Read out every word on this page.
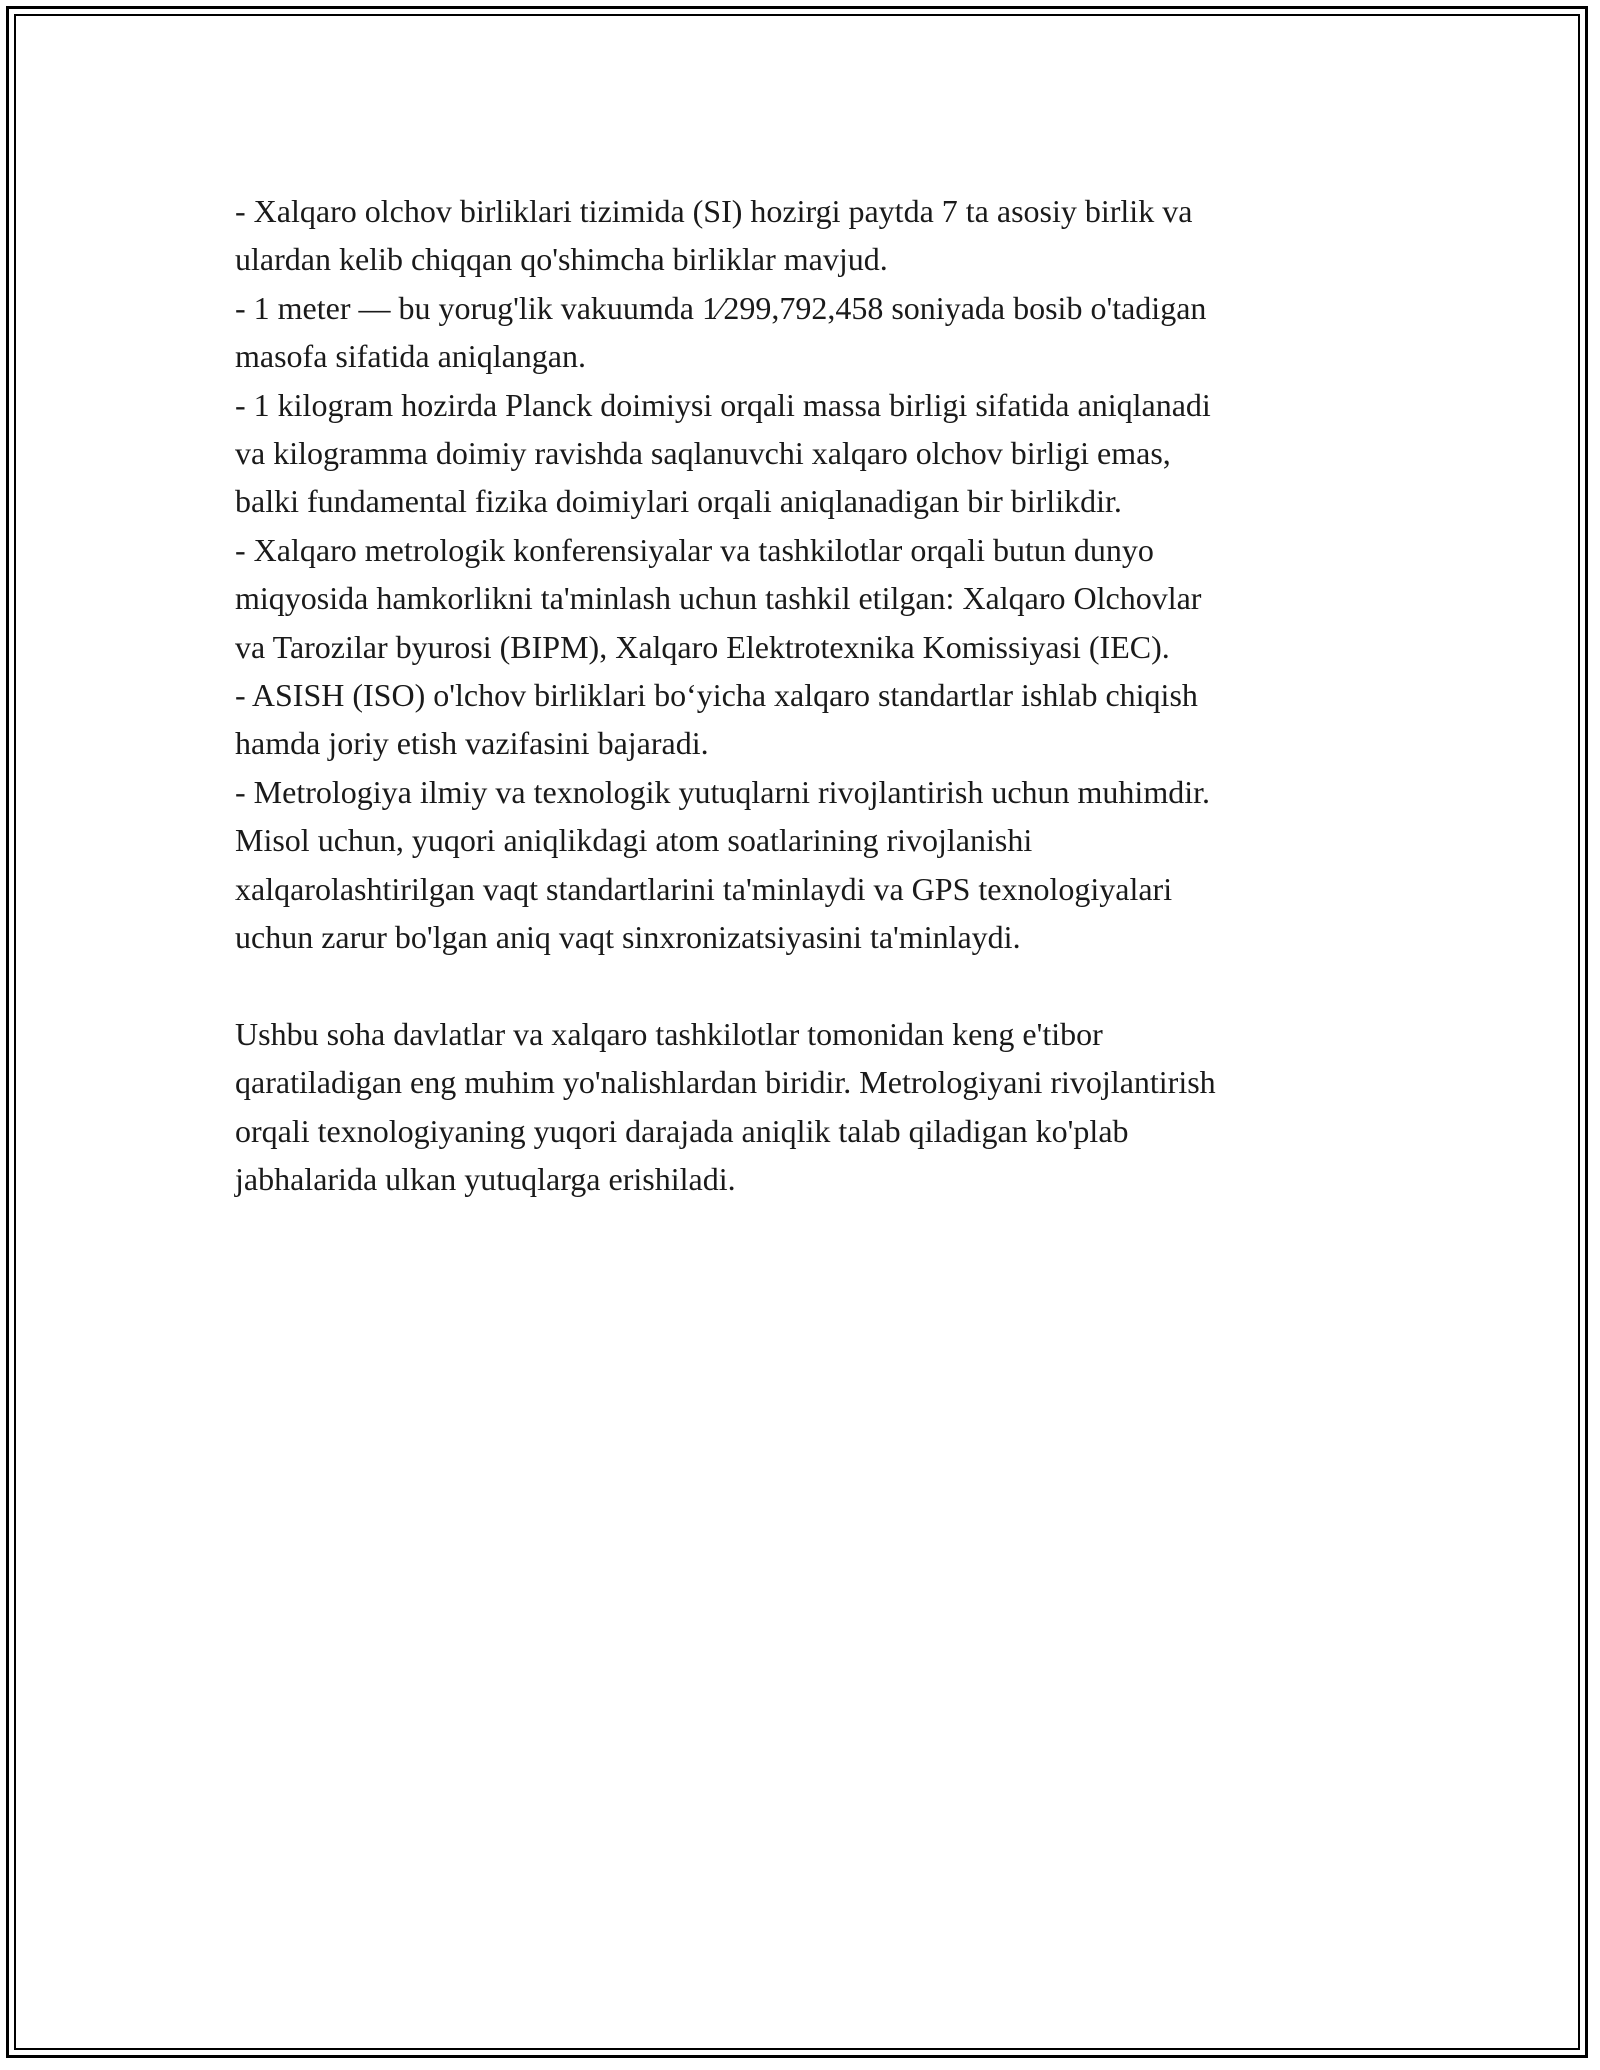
- Xalqaro olchov birliklari tizimida (SI) hozirgi paytda 7 ta asosiy birlik va
ulardan kelib chiqqan qo'shimcha birliklar mavjud.
- 1 meter — bu yorug'lik vakuumda 1⁄299,792,458 soniyada bosib o'tadigan
masofa sifatida aniqlangan.
- 1 kilogram hozirda Planck doimiysi orqali massa birligi sifatida aniqlanadi
va kilogramma doimiy ravishda saqlanuvchi xalqaro olchov birligi emas,
balki fundamental fizika doimiylari orqali aniqlanadigan bir birlikdir.
- Xalqaro metrologik konferensiyalar va tashkilotlar orqali butun dunyo
miqyosida hamkorlikni ta'minlash uchun tashkil etilgan: Xalqaro Olchovlar
va Tarozilar byurosi (BIPM), Xalqaro Elektrotexnika Komissiyasi (IEC).
- ASISH (ISO) o'lchov birliklari bo‘yicha xalqaro standartlar ishlab chiqish
hamda joriy etish vazifasini bajaradi.
- Metrologiya ilmiy va texnologik yutuqlarni rivojlantirish uchun muhimdir.
Misol uchun, yuqori aniqlikdagi atom soatlarining rivojlanishi
xalqarolashtirilgan vaqt standartlarini ta'minlaydi va GPS texnologiyalari
uchun zarur bo'lgan aniq vaqt sinxronizatsiyasini ta'minlaydi.
Ushbu soha davlatlar va xalqaro tashkilotlar tomonidan keng e'tibor
qaratiladigan eng muhim yo'nalishlardan biridir. Metrologiyani rivojlantirish
orqali texnologiyaning yuqori darajada aniqlik talab qiladigan ko'plab
jabhalarida ulkan yutuqlarga erishiladi.
